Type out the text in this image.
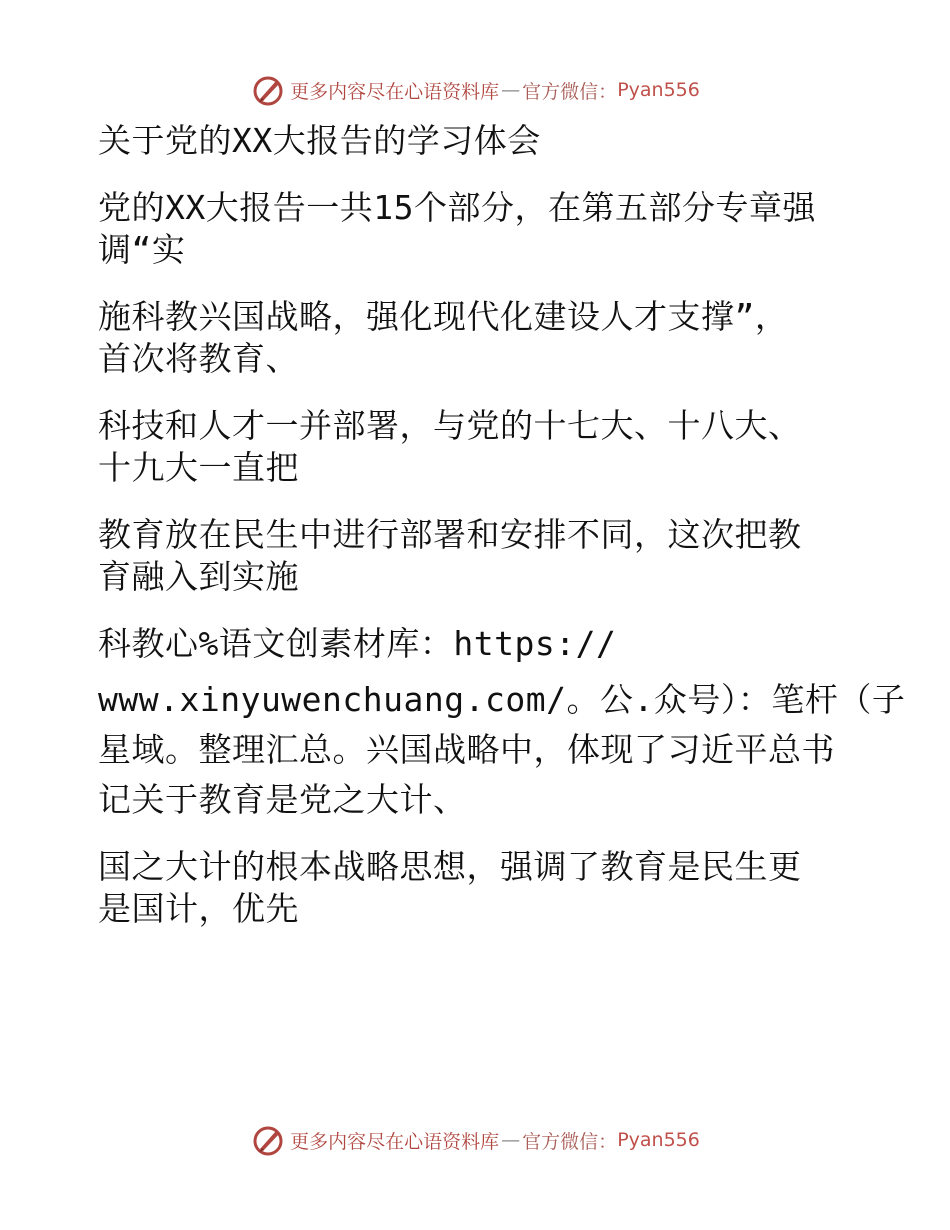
更多内容尽在心语资料库 — 官方微信： Pyan556
关于党的XX大报告的学习体会
党的XX大报告一共15个部分，在第五部分专章强
调“实
施科教兴国战略，强化现代化建设人才支撑”，
首次将教育、
科技和人才一并部署，与党的十七大、十八大、
十九大一直把
教育放在民生中进行部署和安排不同，这次把教
育融入到实施
科教心%语文创素材库：https://
www.xinyuwenchuang.com/。公.众号）：笔杆（子
星域。整理汇总。兴国战略中，体现了习近平总书
记关于教育是党之大计、
国之大计的根本战略思想，强调了教育是民生更
是国计，优先
更多内容尽在心语资料库 — 官方微信： Pyan556
